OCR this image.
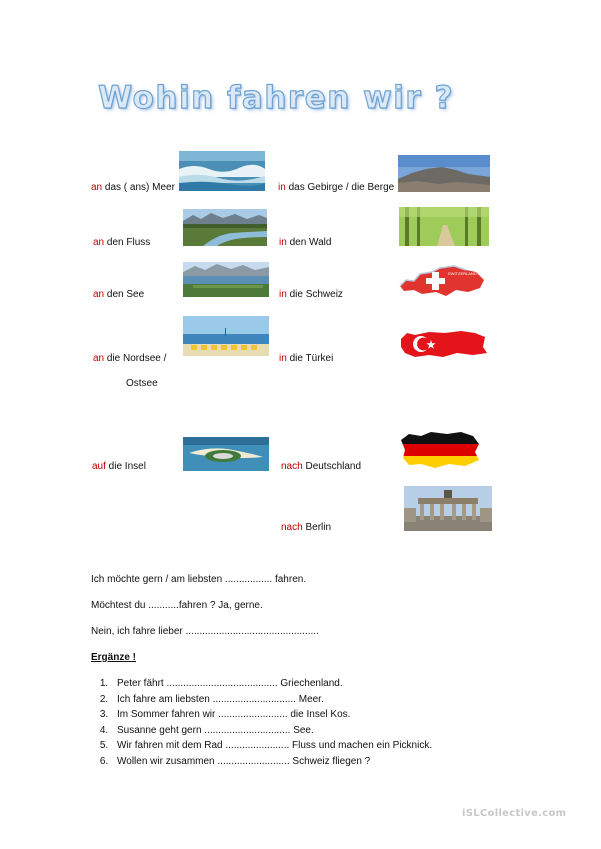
Wohin fahren wir ?
an das ( ans) Meer
an den Fluss
an den See
an die Nordsee /
Ostsee
auf die Insel
in das Gebirge / die Berge
in den Wald
in die Schweiz
in die Türkei
nach Deutschland
nach Berlin
SWITZERLAND
Ich möchte gern / am liebsten ................. fahren.
Möchtest du ...........fahren ? Ja, gerne.
Nein, ich fahre lieber ................................................
Ergänze !
1. Peter fährt ........................................ Griechenland.
2. Ich fahre am liebsten .............................. Meer.
3. Im Sommer fahren wir ......................... die Insel Kos.
4. Susanne geht gern ............................... See.
5. Wir fahren mit dem Rad ....................... Fluss und machen ein Picknick.
6. Wollen wir zusammen .......................... Schweiz fliegen ?
iSLCollective.com
